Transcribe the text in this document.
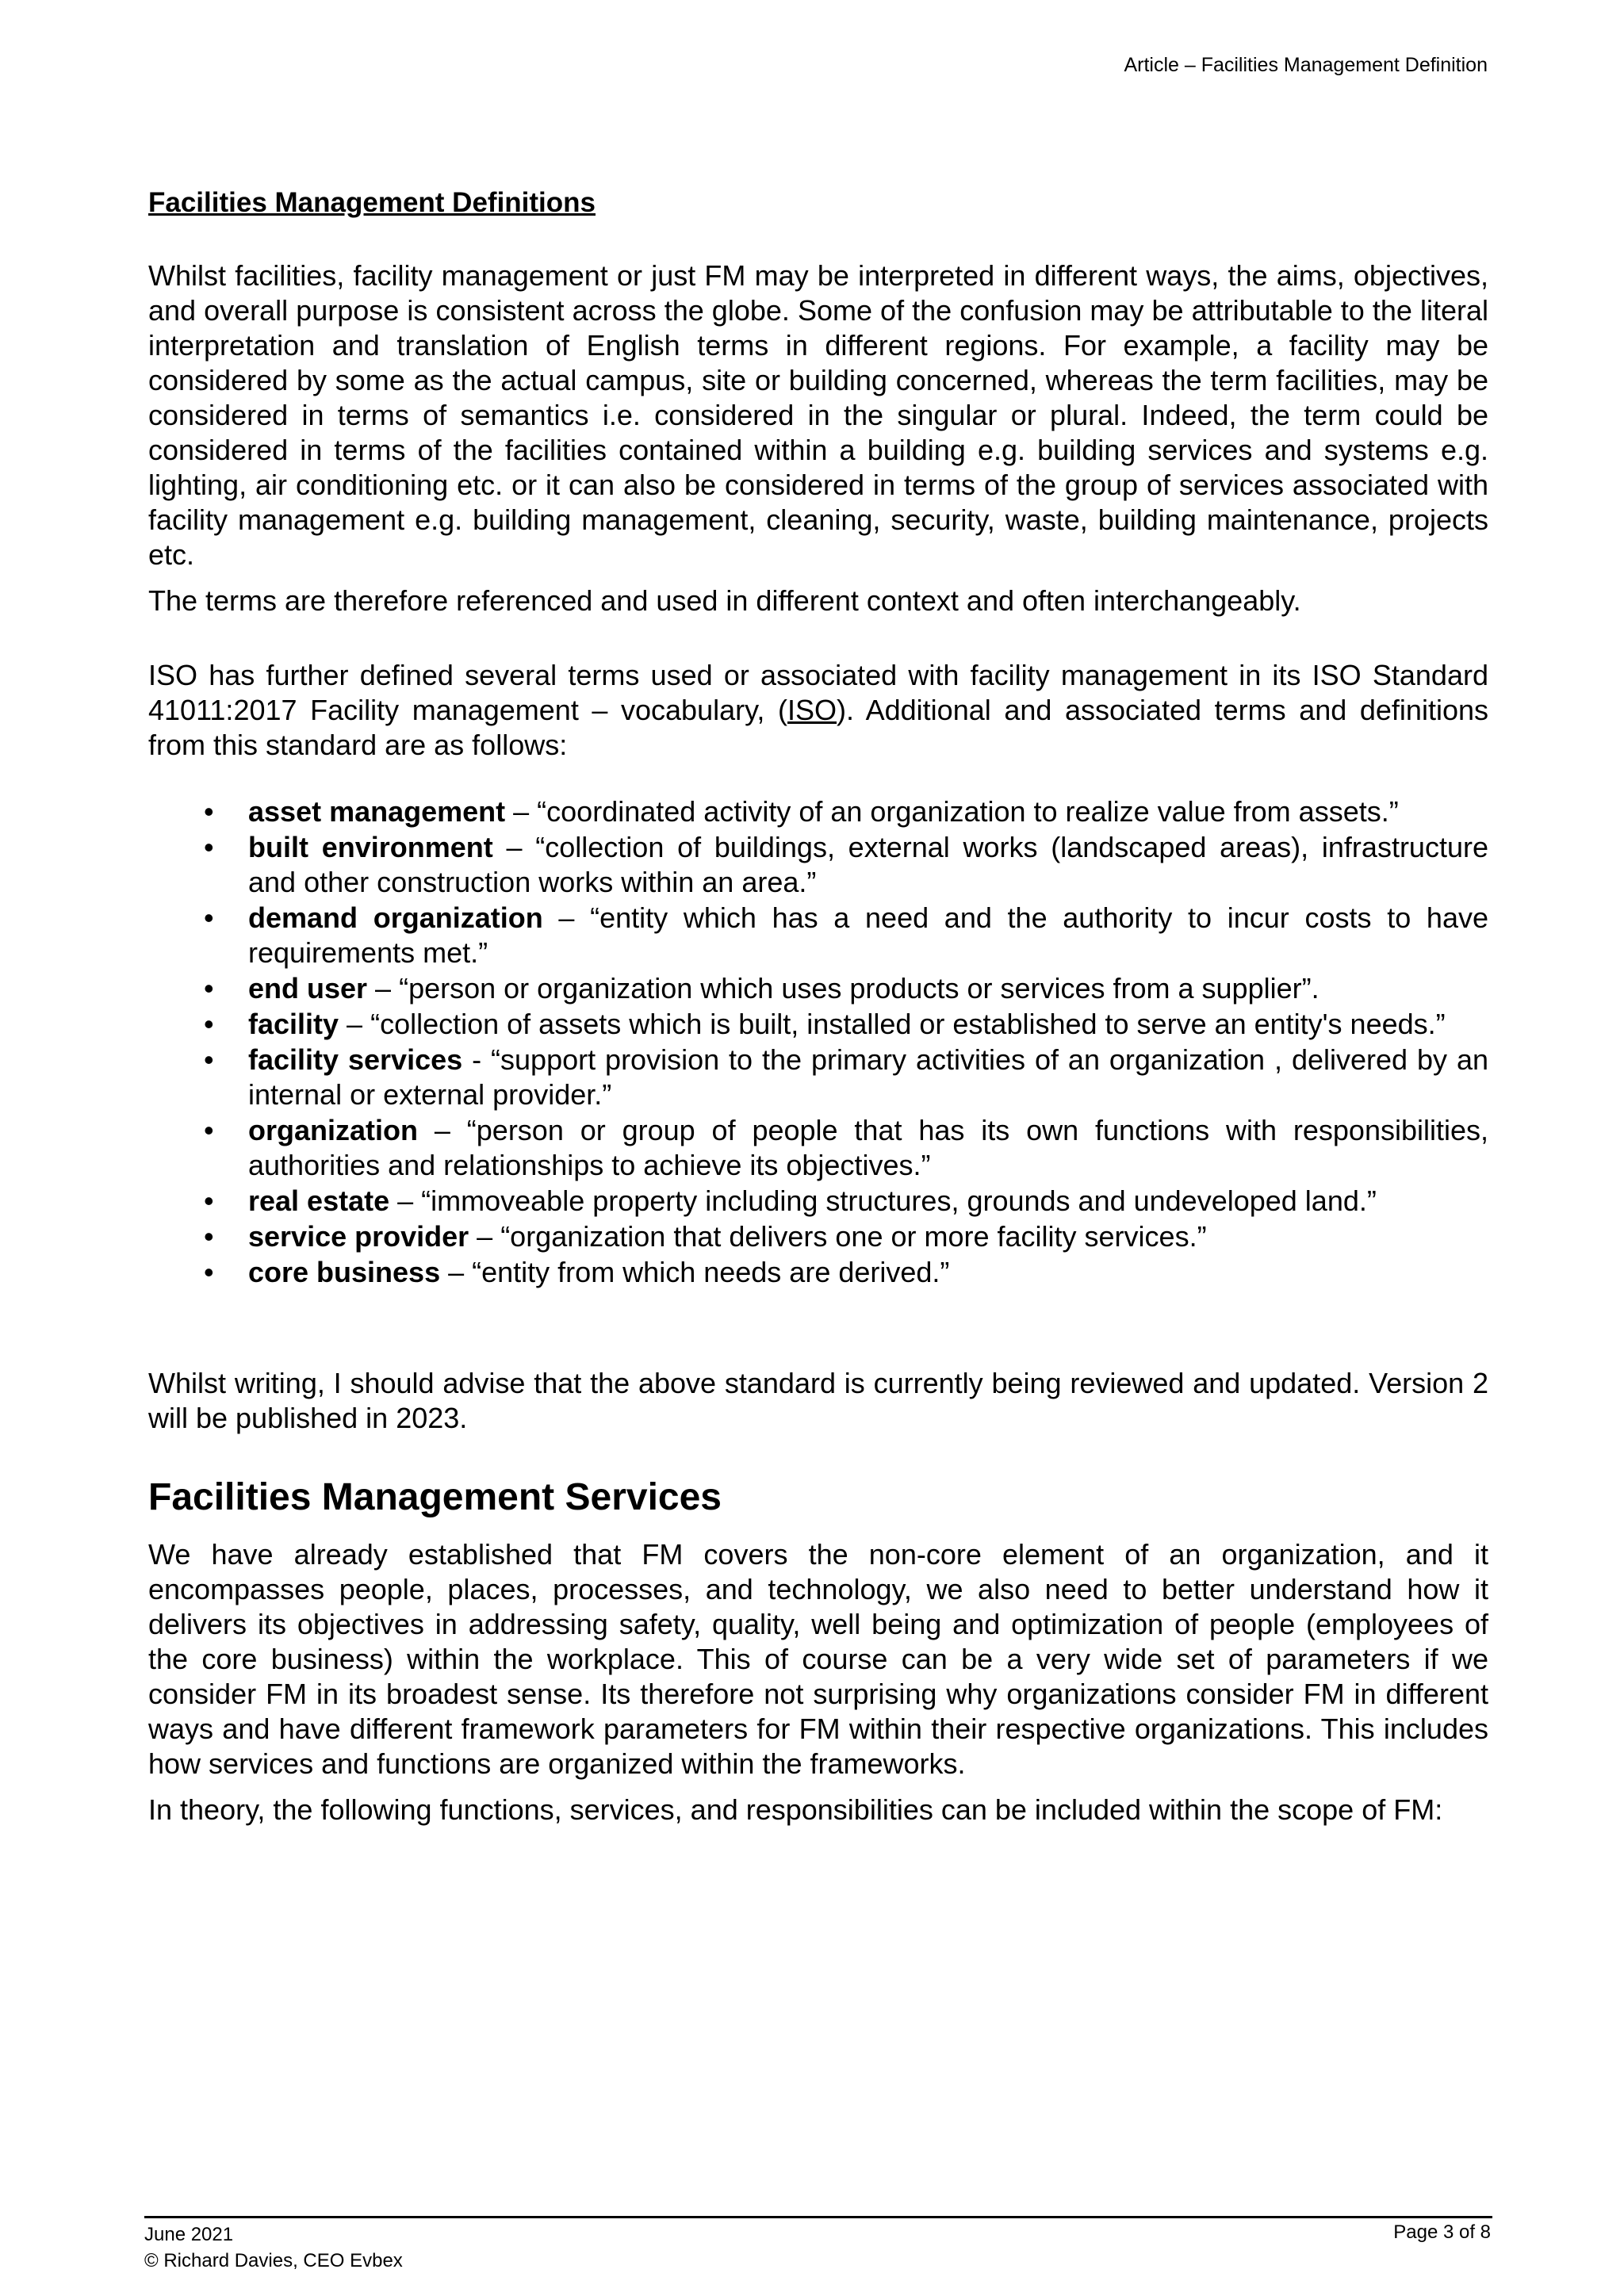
Article – Facilities Management Definition
Facilities Management Definitions

Whilst facilities, facility management or just FM may be interpreted in different ways, the aims, objectives, and overall purpose is consistent across the globe. Some of the confusion may be attributable to the literal interpretation and translation of English terms in different regions. For example, a facility may be considered by some as the actual campus, site or building concerned, whereas the term facilities, may be considered in terms of semantics i.e. considered in the singular or plural. Indeed, the term could be considered in terms of the facilities contained within a building e.g. building services and systems e.g. lighting, air conditioning etc. or it can also be considered in terms of the group of services associated with facility management e.g. building management, cleaning, security, waste, building maintenance, projects etc.

The terms are therefore referenced and used in different context and often interchangeably.

ISO has further defined several terms used or associated with facility management in its ISO Standard 41011:2017 Facility management – vocabulary, (ISO). Additional and associated terms and definitions from this standard are as follows:

• asset management – “coordinated activity of an organization to realize value from assets.”
• built environment – “collection of buildings, external works (landscaped areas), infrastructure and other construction works within an area.”
• demand organization – “entity which has a need and the authority to incur costs to have requirements met.”
• end user – “person or organization which uses products or services from a supplier”.
• facility – “collection of assets which is built, installed or established to serve an entity's needs.”
• facility services - “support provision to the primary activities of an organization , delivered by an internal or external provider.”
• organization – “person or group of people that has its own functions with responsibilities, authorities and relationships to achieve its objectives.”
• real estate – “immoveable property including structures, grounds and undeveloped land.”
• service provider – “organization that delivers one or more facility services.”
• core business – “entity from which needs are derived.”

Whilst writing, I should advise that the above standard is currently being reviewed and updated. Version 2 will be published in 2023.

Facilities Management Services

We have already established that FM covers the non-core element of an organization, and it encompasses people, places, processes, and technology, we also need to better understand how it delivers its objectives in addressing safety, quality, well being and optimization of people (employees of the core business) within the workplace. This of course can be a very wide set of parameters if we consider FM in its broadest sense. Its therefore not surprising why organizations consider FM in different ways and have different framework parameters for FM within their respective organizations. This includes how services and functions are organized within the frameworks.

In theory, the following functions, services, and responsibilities can be included within the scope of FM:

June 2021
© Richard Davies, CEO Evbex
Page 3 of 8
